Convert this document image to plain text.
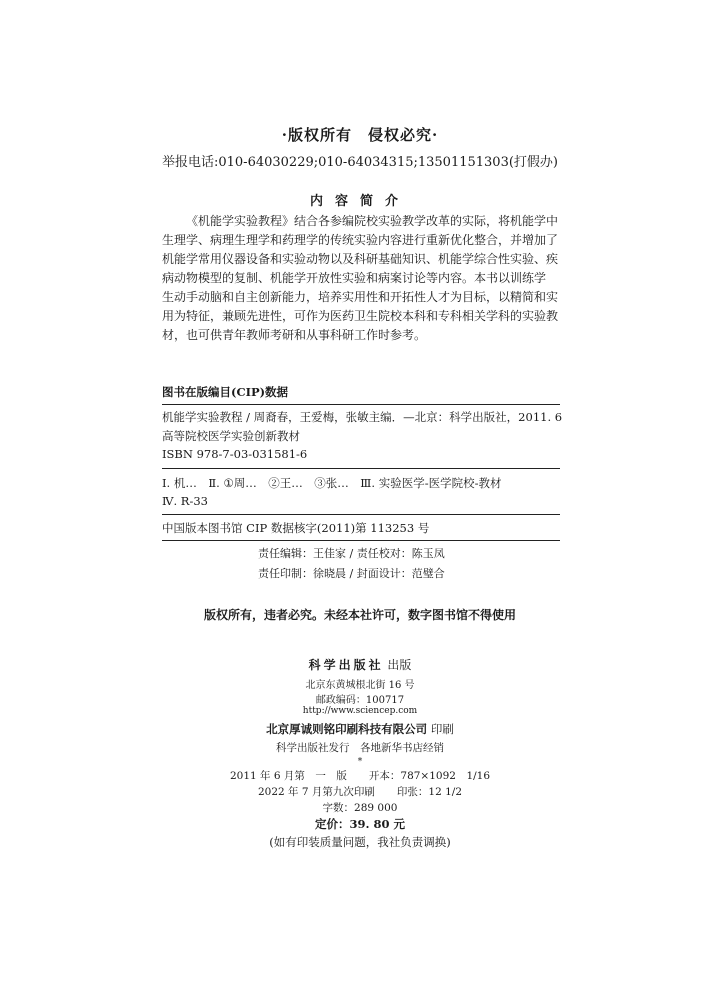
·版权所有　侵权必究·
举报电话:010-64030229;010-64034315;13501151303(打假办)
内容简介
《机能学实验教程》结合各参编院校实验教学改革的实际，将机能学中
生理学、病理生理学和药理学的传统实验内容进行重新优化整合，并增加了
机能学常用仪器设备和实验动物以及科研基础知识、机能学综合性实验、疾
病动物模型的复制、机能学开放性实验和病案讨论等内容。本书以训练学
生动手动脑和自主创新能力，培养实用性和开拓性人才为目标，以精简和实
用为特征，兼顾先进性，可作为医药卫生院校本科和专科相关学科的实验教
材，也可供青年教师考研和从事科研工作时参考。
图书在版编目(CIP)数据
机能学实验教程 / 周裔春，王爱梅，张敏主编．—北京：科学出版社，2011. 6
高等院校医学实验创新教材
ISBN 978-7-03-031581-6
Ⅰ. 机…　Ⅱ. ①周…　②王…　③张…　Ⅲ. 实验医学-医学院校-教材
Ⅳ. R-33
中国版本图书馆 CIP 数据核字(2011)第 113253 号
责任编辑：王佳家 / 责任校对：陈玉凤
责任印制：徐晓晨 / 封面设计：范璧合
版权所有，违者必究。未经本社许可，数字图书馆不得使用
科学出版社 出版
北京东黄城根北街 16 号
邮政编码：100717
http://www.sciencep.com
北京厚诚则铭印刷科技有限公司 印刷
科学出版社发行　各地新华书店经销
*
2011 年 6 月第　一　版 开本：787×1092　1/16
2022 年 7 月第九次印刷 印张：12 1/2
字数：289 000
定价：39. 80 元
(如有印装质量问题，我社负责调换)
